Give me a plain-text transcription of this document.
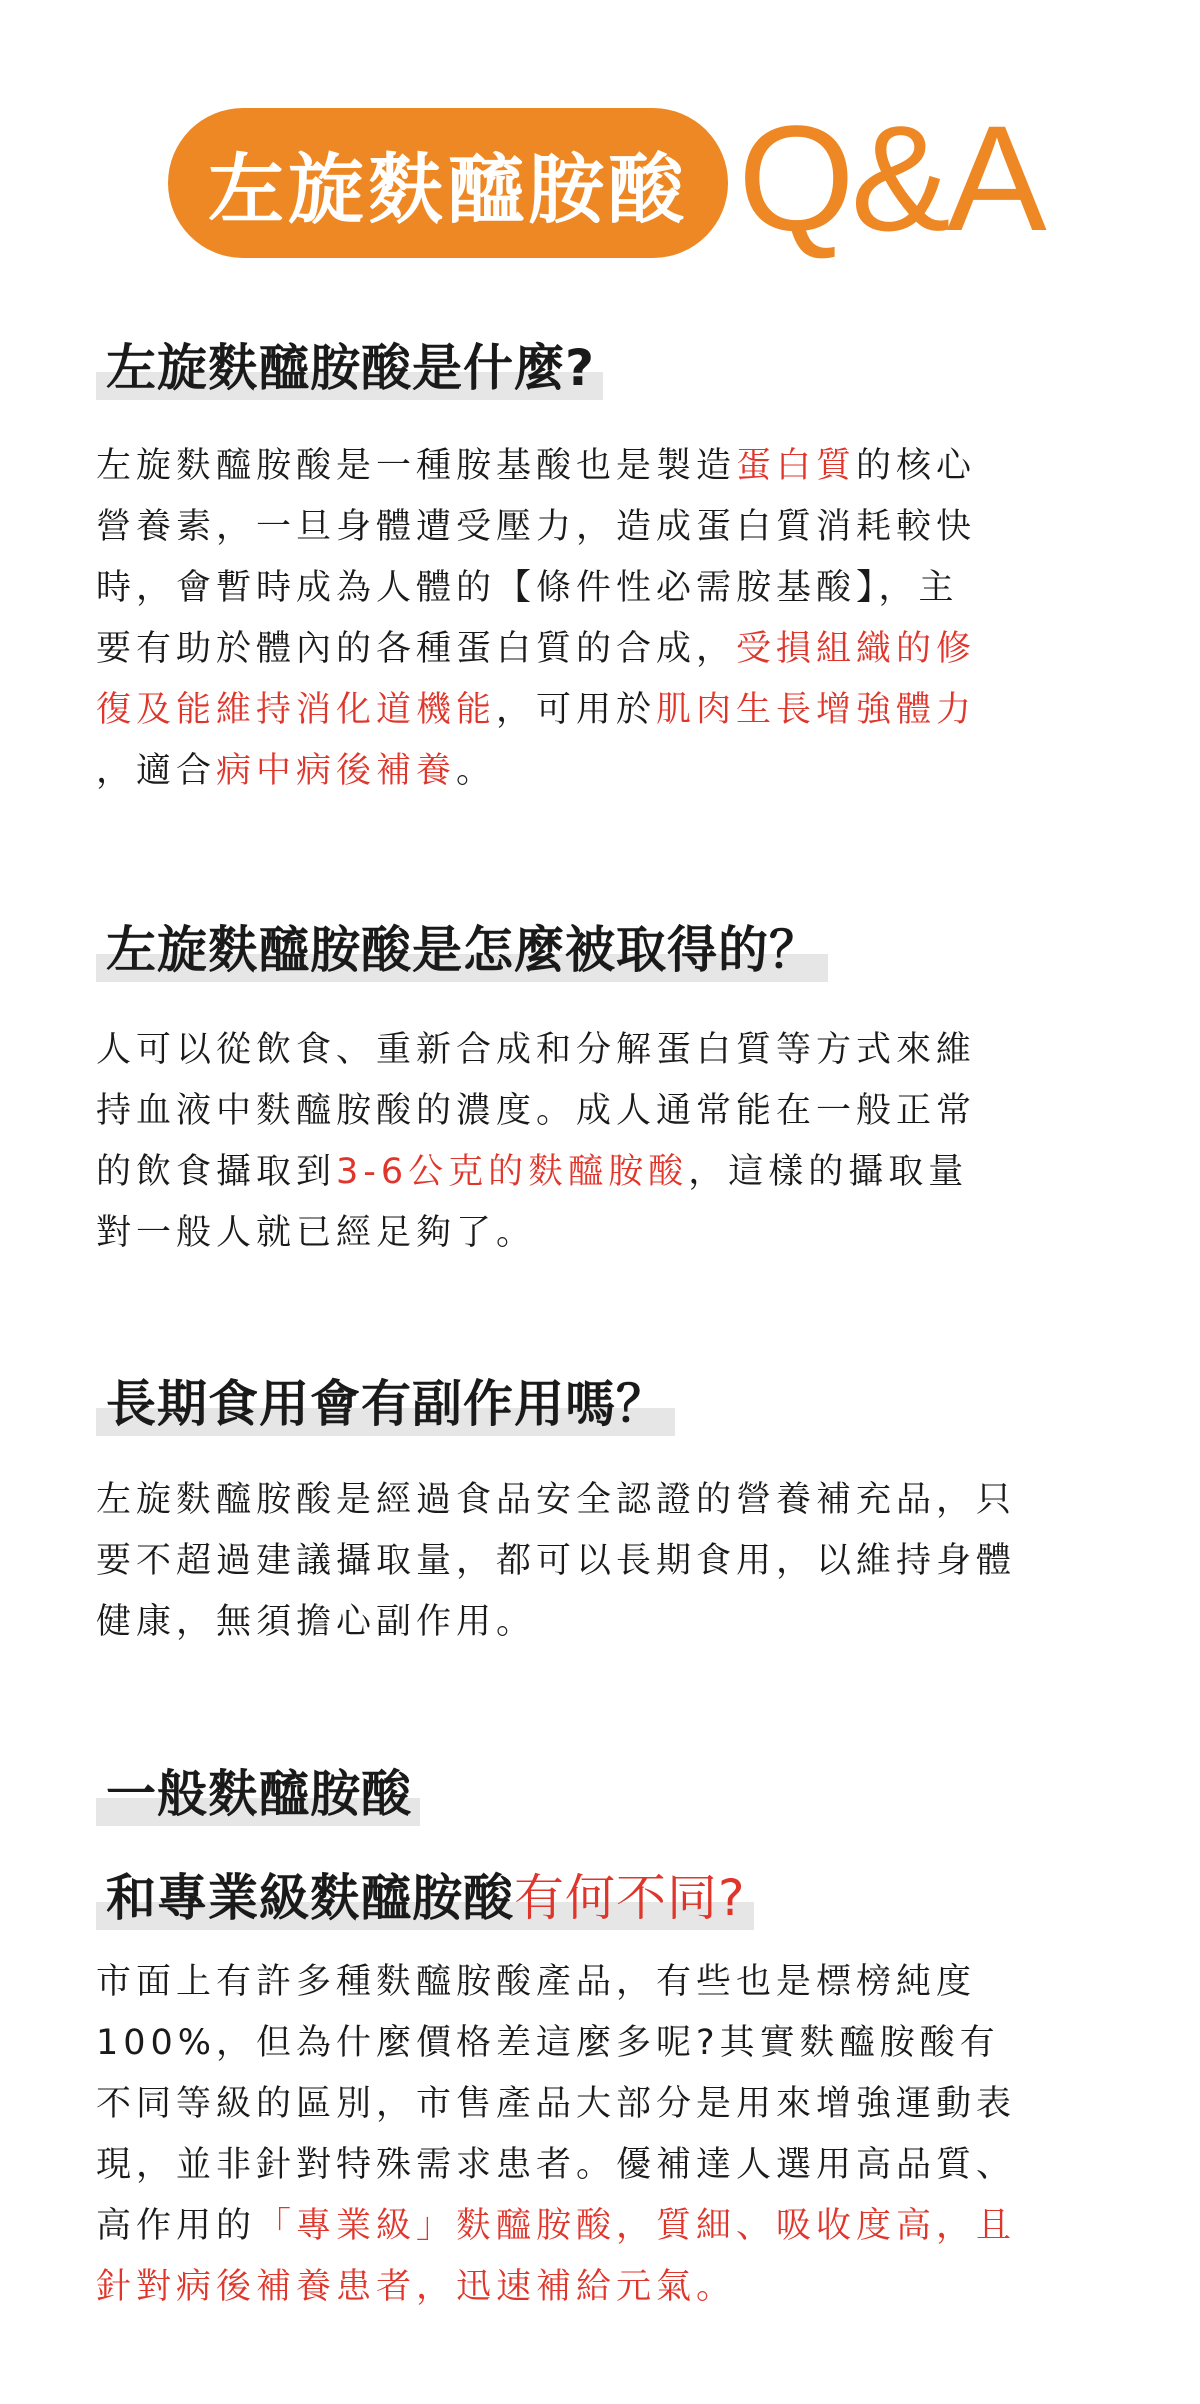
左旋麩醯胺酸 Q&A
左旋麩醯胺酸是什麼?
左旋麩醯胺酸是一種胺基酸也是製造蛋白質的核心
營養素，一旦身體遭受壓力，造成蛋白質消耗較快
時，會暫時成為人體的【條件性必需胺基酸】，主
要有助於體內的各種蛋白質的合成，受損組織的修
復及能維持消化道機能，可用於肌肉生長增強體力
，適合病中病後補養。
左旋麩醯胺酸是怎麼被取得的？
人可以從飲食、重新合成和分解蛋白質等方式來維
持血液中麩醯胺酸的濃度。成人通常能在一般正常
的飲食攝取到3-6公克的麩醯胺酸，這樣的攝取量
對一般人就已經足夠了。
長期食用會有副作用嗎？
左旋麩醯胺酸是經過食品安全認證的營養補充品，只
要不超過建議攝取量，都可以長期食用，以維持身體
健康，無須擔心副作用。
一般麩醯胺酸
和專業級麩醯胺酸有何不同?
市面上有許多種麩醯胺酸產品，有些也是標榜純度
100%，但為什麼價格差這麼多呢?其實麩醯胺酸有
不同等級的區別，市售產品大部分是用來增強運動表
現，並非針對特殊需求患者。優補達人選用高品質、
高作用的「專業級」麩醯胺酸，質細、吸收度高，且
針對病後補養患者，迅速補給元氣。
